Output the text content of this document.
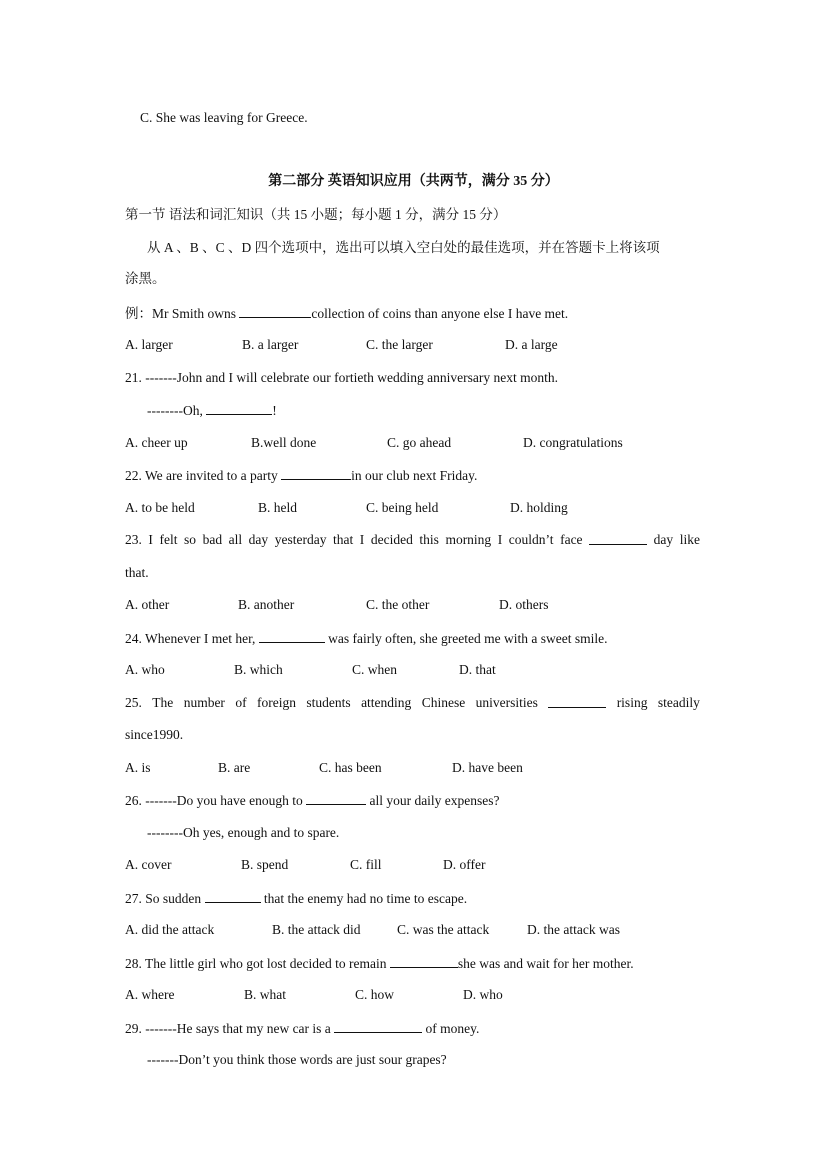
C. She was leaving for Greece.
第二部分 英语知识应用（共两节，满分 35 分）
第一节 语法和词汇知识（共 15 小题；每小题 1 分，满分 15 分）
从 A 、B 、C 、D 四个选项中，选出可以填入空白处的最佳选项，并在答题卡上将该项
涂黑。
例：Mr Smith owns	collection of coins than anyone else I have met.
A. larger	B. a larger	C. the larger	D. a large
21. -------John and I will celebrate our fortieth wedding anniversary next month.
--------Oh,	!
A. cheer up	B.well done	C. go ahead	D. congratulations
22. We are invited to a party	in our club next Friday.
A. to be held	B. held	C. being held	D. holding
23. I felt so bad all day yesterday that I decided this morning I couldn’t face	day like
that.
A. other	B. another	C. the other	D. others
24. Whenever I met her,	was fairly often, she greeted me with a sweet smile.
A. who	B. which	C. when	D. that
25. The number of foreign students attending Chinese universities	rising steadily
since1990.
A. is	B. are	C. has been	D. have been
26. -------Do you have enough to	all your daily expenses?
--------Oh yes, enough and to spare.
A. cover	B. spend	C. fill	D. offer
27. So sudden	that the enemy had no time to escape.
A. did the attack	B. the attack did	C. was the attack	D. the attack was
28. The little girl who got lost decided to remain	she was and wait for her mother.
A. where	B. what	C. how	D. who
29. -------He says that my new car is a	of money.
-------Don’t you think those words are just sour grapes?
